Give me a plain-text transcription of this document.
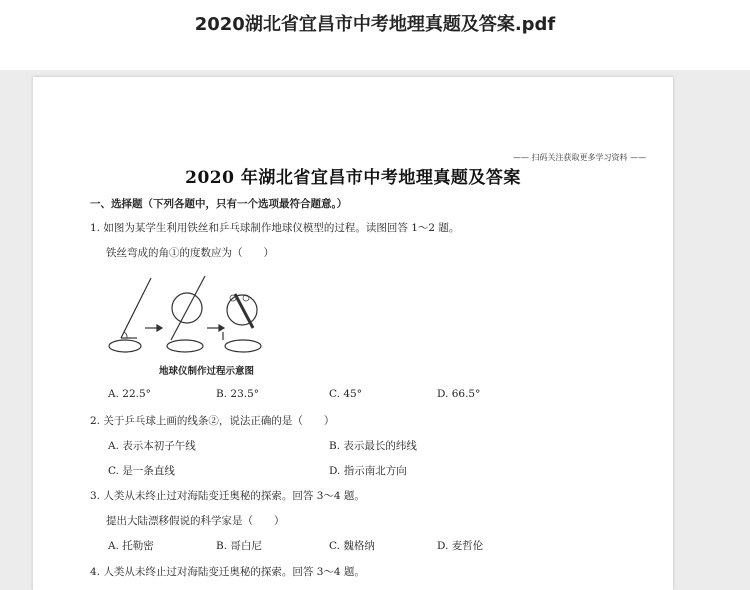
2020湖北省宜昌市中考地理真题及答案.pdf
—— 扫码关注获取更多学习资料 ——
2020 年湖北省宜昌市中考地理真题及答案
一、选择题（下列各题中，只有一个选项最符合题意。）
1. 如图为某学生利用铁丝和乒乓球制作地球仪模型的过程。读图回答 1～2 题。
铁丝弯成的角①的度数应为（　　）
地球仪制作过程示意图
A. 22.5°	B. 23.5°	C. 45°	D. 66.5°
2. 关于乒乓球上画的线条②，说法正确的是（　　）
A. 表示本初子午线	B. 表示最长的纬线
C. 是一条直线	D. 指示南北方向
3. 人类从未终止过对海陆变迁奥秘的探索。回答 3～4 题。
提出大陆漂移假说的科学家是（　　）
A. 托勒密	B. 哥白尼	C. 魏格纳	D. 麦哲伦
4. 人类从未终止过对海陆变迁奥秘的探索。回答 3～4 题。
